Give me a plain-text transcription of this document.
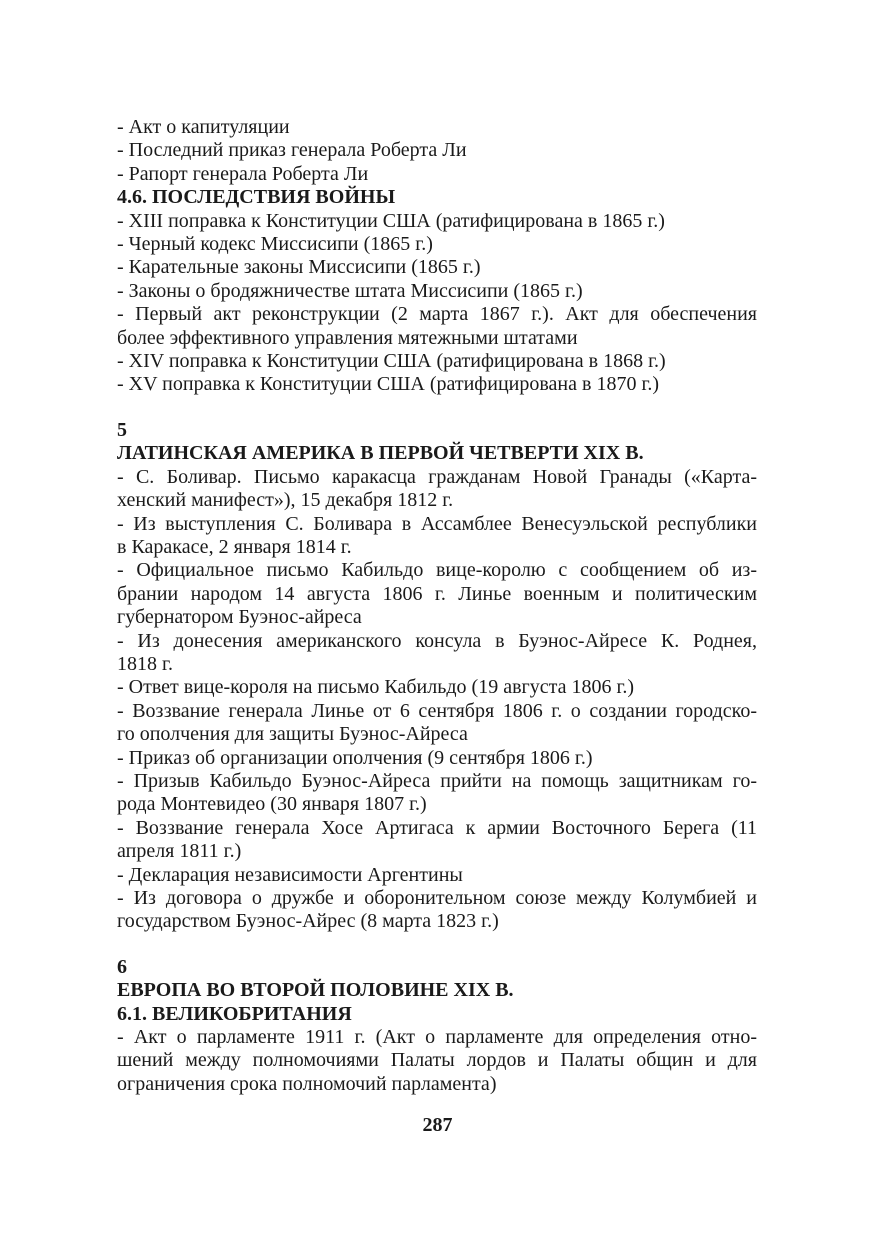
- Акт о капитуляции
- Последний приказ генерала Роберта Ли
- Рапорт генерала Роберта Ли
4.6. ПОСЛЕДСТВИЯ ВОЙНЫ
- XIII поправка к Конституции США (ратифицирована в 1865 г.)
- Черный кодекс Миссисипи (1865 г.)
- Карательные законы Миссисипи (1865 г.)
- Законы о бродяжничестве штата Миссисипи (1865 г.)
- Первый акт реконструкции (2 марта 1867 г.). Акт для обеспечения
более эффективного управления мятежными штатами
- XIV поправка к Конституции США (ратифицирована в 1868 г.)
- XV поправка к Конституции США (ратифицирована в 1870 г.)
5
ЛАТИНСКАЯ АМЕРИКА В ПЕРВОЙ ЧЕТВЕРТИ XIX В.
- С. Боливар. Письмо каракасца гражданам Новой Гранады («Карта-
хенский манифест»), 15 декабря 1812 г.
- Из выступления С. Боливара в Ассамблее Венесуэльской республики
в Каракасе, 2 января 1814 г.
- Официальное письмо Кабильдо вице-королю с сообщением об из-
брании народом 14 августа 1806 г. Линье военным и политическим
губернатором Буэнос-айреса
- Из донесения американского консула в Буэнос-Айресе К. Роднея,
1818 г.
- Ответ вице-короля на письмо Кабильдо (19 августа 1806 г.)
- Воззвание генерала Линье от 6 сентября 1806 г. о создании городско-
го ополчения для защиты Буэнос-Айреса
- Приказ об организации ополчения (9 сентября 1806 г.)
- Призыв Кабильдо Буэнос-Айреса прийти на помощь защитникам го-
рода Монтевидео (30 января 1807 г.)
- Воззвание генерала Хосе Артигаса к армии Восточного Берега (11
апреля 1811 г.)
- Декларация независимости Аргентины
- Из договора о дружбе и оборонительном союзе между Колумбией и
государством Буэнос-Айрес (8 марта 1823 г.)
6
ЕВРОПА ВО ВТОРОЙ ПОЛОВИНЕ XIX В.
6.1. ВЕЛИКОБРИТАНИЯ
- Акт о парламенте 1911 г. (Акт о парламенте для определения отно-
шений между полномочиями Палаты лордов и Палаты общин и для
ограничения срока полномочий парламента)
287
